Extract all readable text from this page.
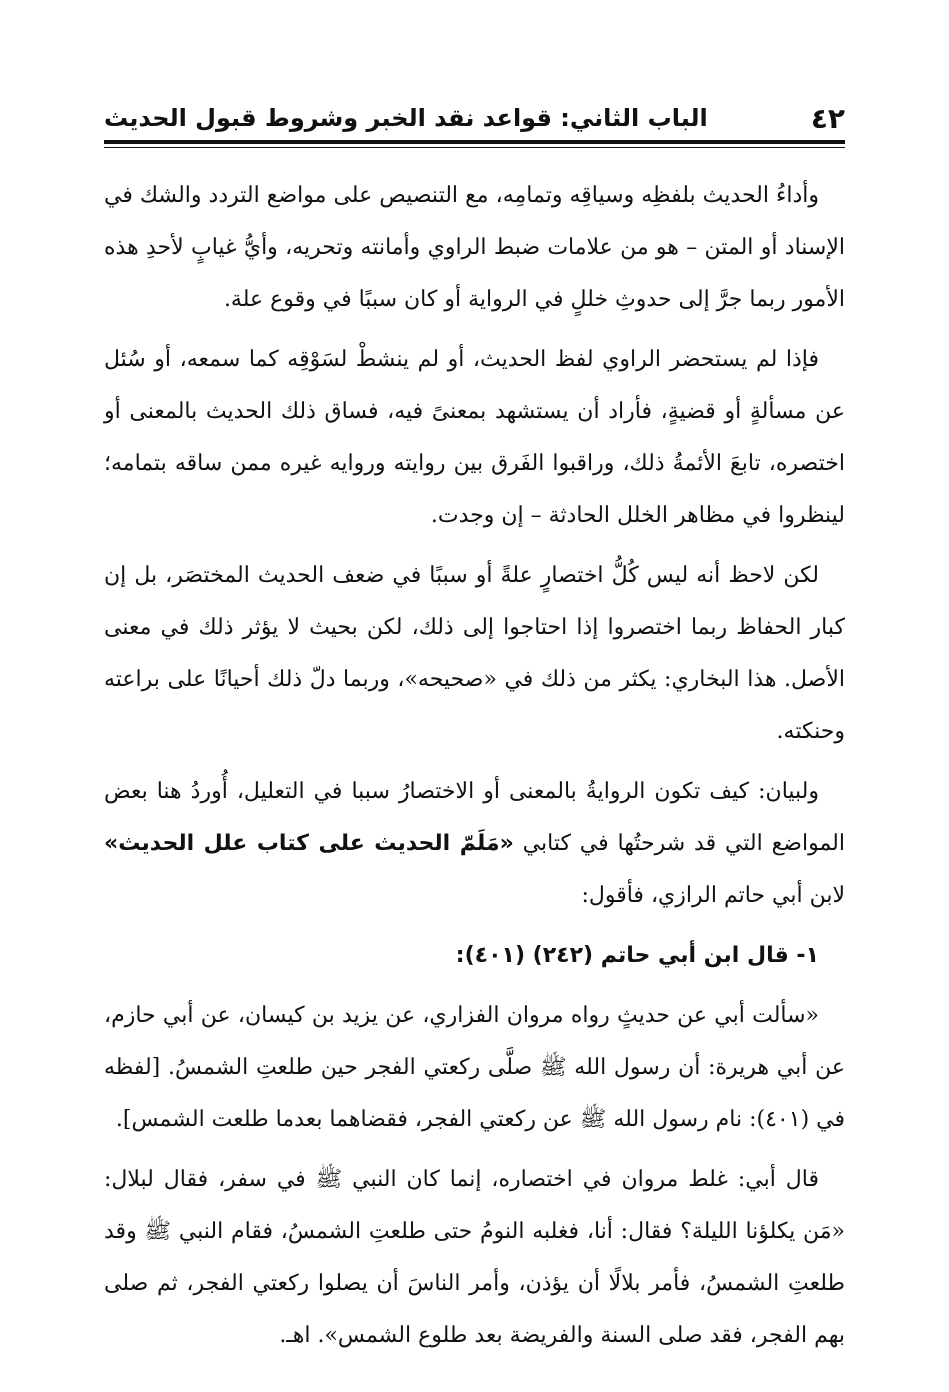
٤٢
الباب الثاني: قواعد نقد الخبر وشروط قبول الحديث

وأداءُ الحديث بلفظِه وسياقِه وتمامِه، مع التنصيص على مواضع التردد والشك في الإسناد أو المتن – هو من علامات ضبط الراوي وأمانته وتحريه، وأيُّ غيابٍ لأحدِ هذه الأمور ربما جرَّ إلى حدوثِ خللٍ في الرواية أو كان سببًا في وقوع علة.

فإذا لم يستحضر الراوي لفظ الحديث، أو لم ينشطْ لسَوْقِه كما سمعه، أو سُئل عن مسألةٍ أو قضيةٍ، فأراد أن يستشهد بمعنىً فيه، فساق ذلك الحديث بالمعنى أو اختصره، تابعَ الأئمةُ ذلك، وراقبوا الفَرق بين روايته وروايه غيره ممن ساقه بتمامه؛ لينظروا في مظاهر الخلل الحادثة – إن وجدت.

لكن لاحظ أنه ليس كُلُّ اختصارٍ علةً أو سببًا في ضعف الحديث المختصَر، بل إن كبار الحفاظ ربما اختصروا إذا احتاجوا إلى ذلك، لكن بحيث لا يؤثر ذلك في معنى الأصل. هذا البخاري: يكثر من ذلك في «صحيحه»، وربما دلّ ذلك أحيانًا على براعته وحنكته.

ولبيان: كيف تكون الروايةُ بالمعنى أو الاختصارُ سببا في التعليل، أُوردُ هنا بعض المواضع التي قد شرحتُها في كتابي «مَلَمّ الحديث على كتاب علل الحديث» لابن أبي حاتم الرازي، فأقول:

١- قال ابن أبي حاتم (٢٤٢) (٤٠١):

«سألت أبي عن حديثٍ رواه مروان الفزاري، عن يزيد بن كيسان، عن أبي حازم، عن أبي هريرة: أن رسول الله ﷺ صلَّى ركعتي الفجر حين طلعتِ الشمسُ. [لفظه في (٤٠١): نام رسول الله ﷺ عن ركعتي الفجر، فقضاهما بعدما طلعت الشمس].

قال أبي: غلط مروان في اختصاره، إنما كان النبي ﷺ في سفر، فقال لبلال: «مَن يكلؤنا الليلة؟ فقال: أنا، فغلبه النومُ حتى طلعتِ الشمسُ، فقام النبي ﷺ وقد طلعتِ الشمسُ، فأمر بلالًا أن يؤذن، وأمر الناسَ أن يصلوا ركعتي الفجر، ثم صلى بهم الفجر، فقد صلى السنة والفريضة بعد طلوع الشمس». اهـ.
